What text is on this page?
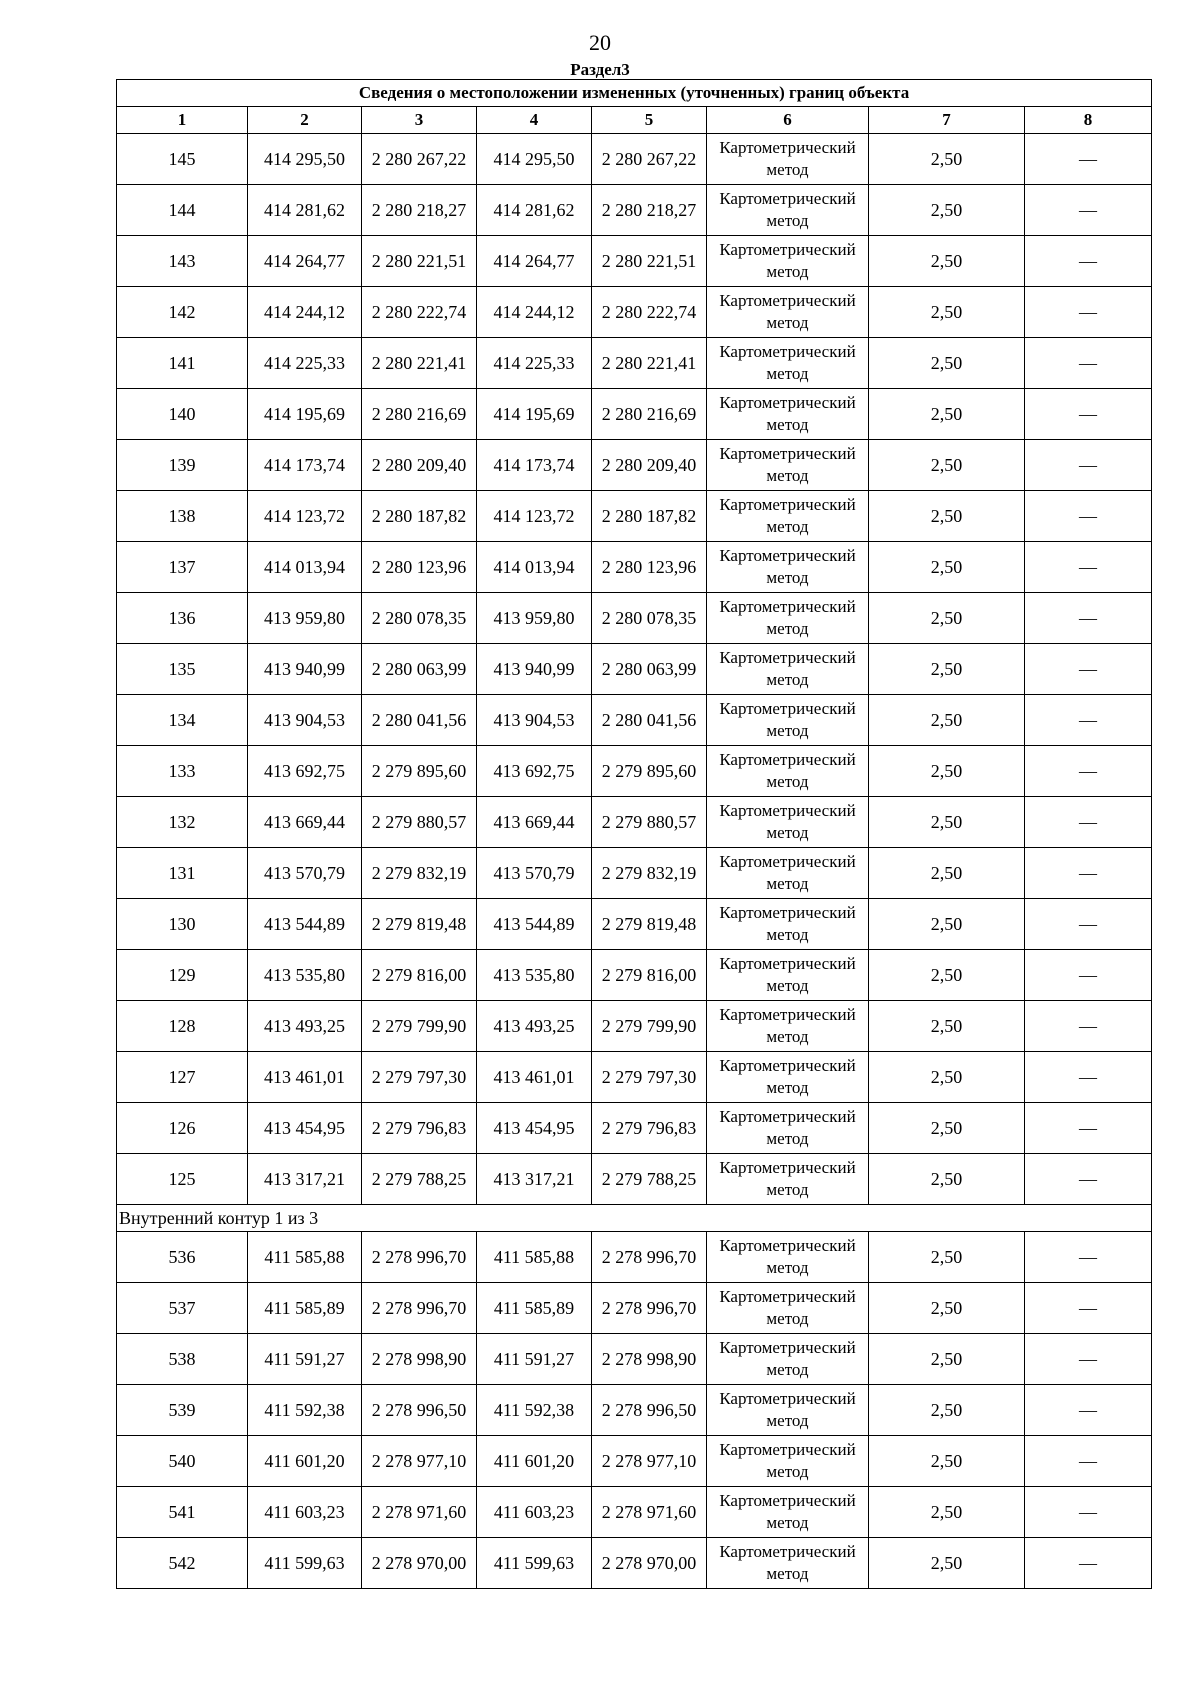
20
Раздел3
Сведения о местоположении измененных (уточненных) границ объекта							
1	2	3	4	5	6	7	8
145	414 295,50	2 280 267,22	414 295,50	2 280 267,22	Картометрический метод	2,50	—
144	414 281,62	2 280 218,27	414 281,62	2 280 218,27	Картометрический метод	2,50	—
143	414 264,77	2 280 221,51	414 264,77	2 280 221,51	Картометрический метод	2,50	—
142	414 244,12	2 280 222,74	414 244,12	2 280 222,74	Картометрический метод	2,50	—
141	414 225,33	2 280 221,41	414 225,33	2 280 221,41	Картометрический метод	2,50	—
140	414 195,69	2 280 216,69	414 195,69	2 280 216,69	Картометрический метод	2,50	—
139	414 173,74	2 280 209,40	414 173,74	2 280 209,40	Картометрический метод	2,50	—
138	414 123,72	2 280 187,82	414 123,72	2 280 187,82	Картометрический метод	2,50	—
137	414 013,94	2 280 123,96	414 013,94	2 280 123,96	Картометрический метод	2,50	—
136	413 959,80	2 280 078,35	413 959,80	2 280 078,35	Картометрический метод	2,50	—
135	413 940,99	2 280 063,99	413 940,99	2 280 063,99	Картометрический метод	2,50	—
134	413 904,53	2 280 041,56	413 904,53	2 280 041,56	Картометрический метод	2,50	—
133	413 692,75	2 279 895,60	413 692,75	2 279 895,60	Картометрический метод	2,50	—
132	413 669,44	2 279 880,57	413 669,44	2 279 880,57	Картометрический метод	2,50	—
131	413 570,79	2 279 832,19	413 570,79	2 279 832,19	Картометрический метод	2,50	—
130	413 544,89	2 279 819,48	413 544,89	2 279 819,48	Картометрический метод	2,50	—
129	413 535,80	2 279 816,00	413 535,80	2 279 816,00	Картометрический метод	2,50	—
128	413 493,25	2 279 799,90	413 493,25	2 279 799,90	Картометрический метод	2,50	—
127	413 461,01	2 279 797,30	413 461,01	2 279 797,30	Картометрический метод	2,50	—
126	413 454,95	2 279 796,83	413 454,95	2 279 796,83	Картометрический метод	2,50	—
125	413 317,21	2 279 788,25	413 317,21	2 279 788,25	Картометрический метод	2,50	—
Внутренний контур 1 из 3							
536	411 585,88	2 278 996,70	411 585,88	2 278 996,70	Картометрический метод	2,50	—
537	411 585,89	2 278 996,70	411 585,89	2 278 996,70	Картометрический метод	2,50	—
538	411 591,27	2 278 998,90	411 591,27	2 278 998,90	Картометрический метод	2,50	—
539	411 592,38	2 278 996,50	411 592,38	2 278 996,50	Картометрический метод	2,50	—
540	411 601,20	2 278 977,10	411 601,20	2 278 977,10	Картометрический метод	2,50	—
541	411 603,23	2 278 971,60	411 603,23	2 278 971,60	Картометрический метод	2,50	—
542	411 599,63	2 278 970,00	411 599,63	2 278 970,00	Картометрический метод	2,50	—
